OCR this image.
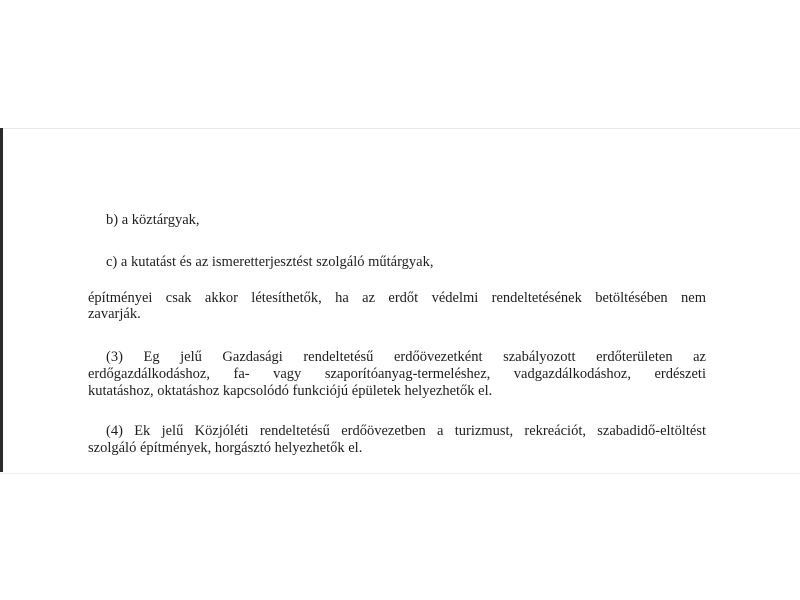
b) a köztárgyak,
c) a kutatást és az ismeretterjesztést szolgáló műtárgyak,
építményei csak akkor létesíthetők, ha az erdőt védelmi rendeltetésének betöltésében nem
zavarják.
(3) Eg jelű Gazdasági rendeltetésű erdőövezetként szabályozott erdőterületen az
erdőgazdálkodáshoz, fa- vagy szaporítóanyag-termeléshez, vadgazdálkodáshoz, erdészeti
kutatáshoz, oktatáshoz kapcsolódó funkciójú épületek helyezhetők el.
(4) Ek jelű Közjóléti rendeltetésű erdőövezetben a turizmust, rekreációt, szabadidő-eltöltést
szolgáló építmények, horgásztó helyezhetők el.
